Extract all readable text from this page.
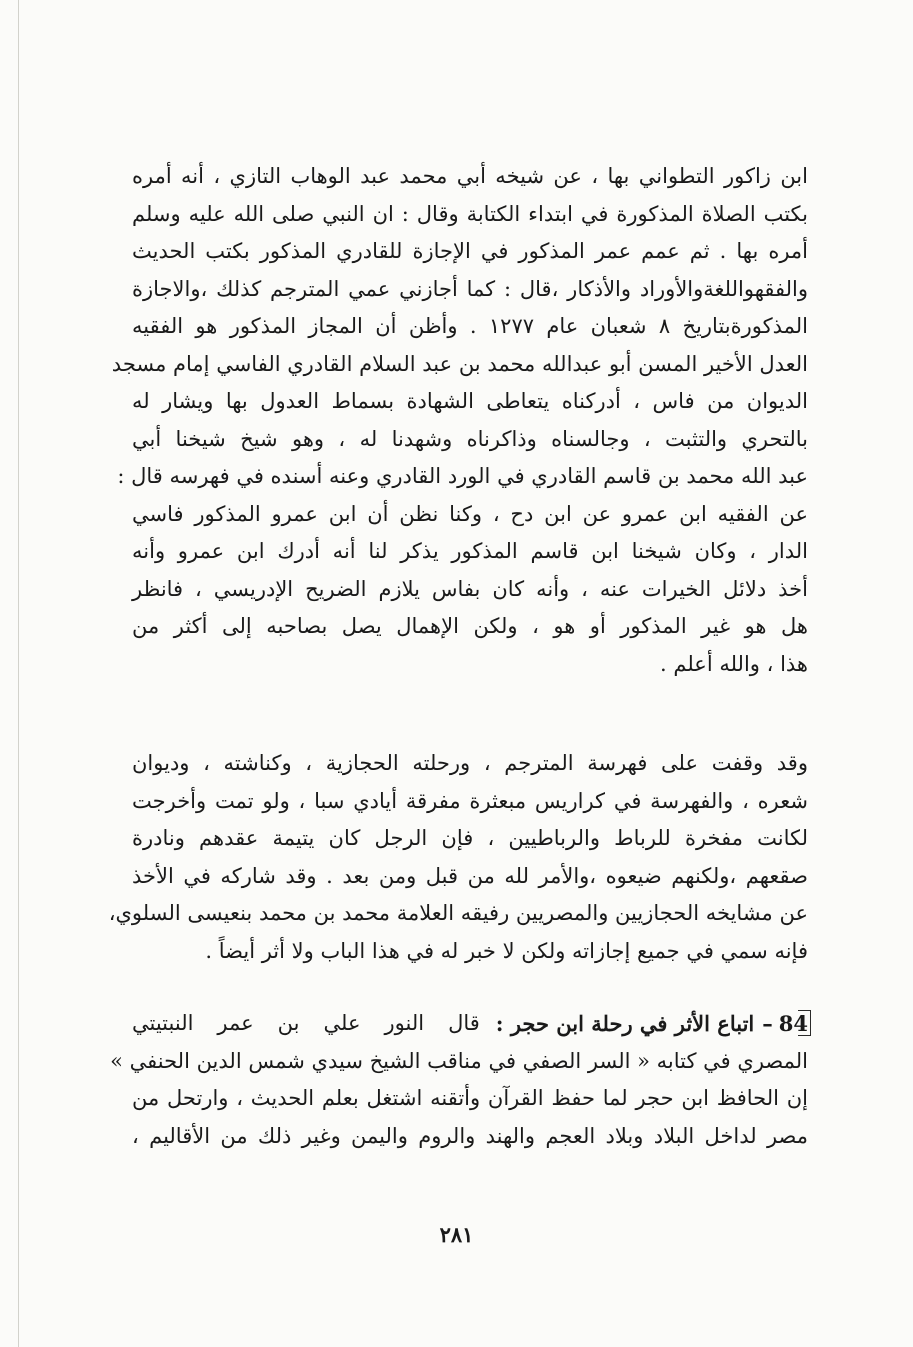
ابن زاكور التطواني بها ، عن شيخه أبي محمد عبد الوهاب التازي ، أنه أمره
بكتب الصلاة المذكورة في ابتداء الكتابة وقال : ان النبي صلى الله عليه وسلم
أمره بها . ثم عمم عمر المذكور في الإجازة للقادري المذكور بكتب الحديث
والفقهواللغةوالأوراد والأذكار ،قال : كما أجازني عمي المترجم كذلك ،والاجازة
المذكورةبتاريخ ٨ شعبان عام ١٢٧٧ . وأظن أن المجاز المذكور هو الفقيه
العدل الأخير المسن أبو عبدالله محمد بن عبد السلام القادري الفاسي إمام مسجد
الديوان من فاس ، أدركناه يتعاطى الشهادة بسماط العدول بها ويشار له
بالتحري والتثبت ، وجالسناه وذاكرناه وشهدنا له ، وهو شيخ شيخنا أبي
عبد الله محمد بن قاسم القادري في الورد القادري وعنه أسنده في فهرسه قال :
عن الفقيه ابن عمرو عن ابن دح ، وكنا نظن أن ابن عمرو المذكور فاسي
الدار ، وكان شيخنا ابن قاسم المذكور يذكر لنا أنه أدرك ابن عمرو وأنه
أخذ دلائل الخيرات عنه ، وأنه كان بفاس يلازم الضريح الإدريسي ، فانظر
هل هو غير المذكور أو هو ، ولكن الإهمال يصل بصاحبه إلى أكثر من
هذا ، والله أعلم .
وقد وقفت على فهرسة المترجم ، ورحلته الحجازية ، وكناشته ، وديوان
شعره ، والفهرسة في كراريس مبعثرة مفرقة أيادي سبا ، ولو تمت وأخرجت
لكانت مفخرة للرباط والرباطيين ، فإن الرجل كان يتيمة عقدهم ونادرة
صقعهم ،ولكنهم ضيعوه ،والأمر لله من قبل ومن بعد . وقد شاركه في الأخذ
عن مشايخه الحجازيين والمصريين رفيقه العلامة محمد بن محمد بنعيسى السلوي،
فإنه سمي في جميع إجازاته ولكن لا خبر له في هذا الباب ولا أثر أيضاً .
84
–
اتباع الأثر في رحلة ابن حجر :
قال النور علي بن عمر النبتيتي
المصري في كتابه « السر الصفي في مناقب الشيخ سيدي شمس الدين الحنفي »
إن الحافظ ابن حجر لما حفظ القرآن وأتقنه اشتغل بعلم الحديث ، وارتحل من
مصر لداخل البلاد وبلاد العجم والهند والروم واليمن وغير ذلك من الأقاليم ،
٢٨١
